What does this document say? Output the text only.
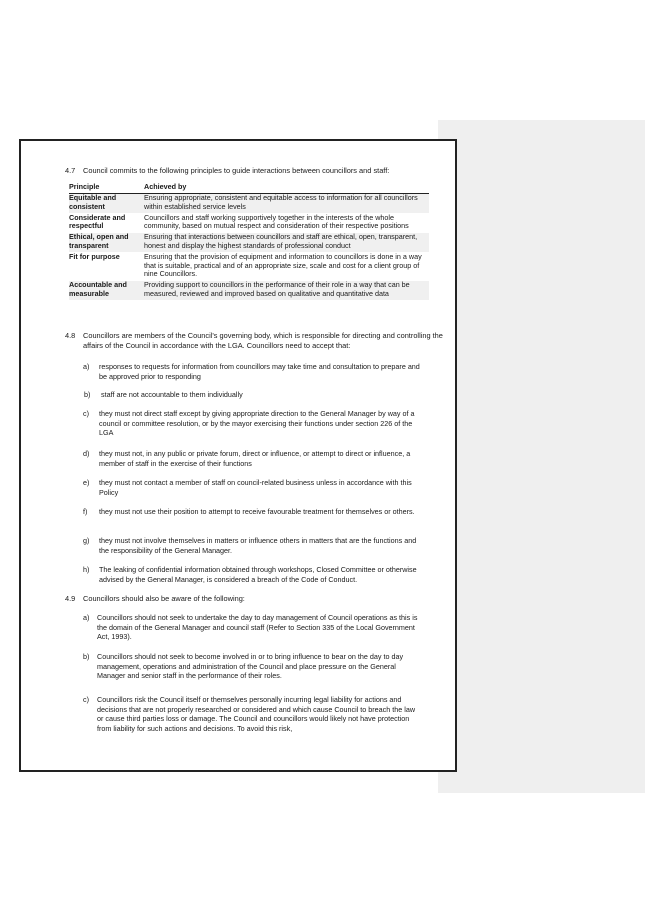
4.7 Council commits to the following principles to guide interactions between councillors and staff:
Principle	Achieved by
Equitable and consistent	Ensuring appropriate, consistent and equitable access to information for all councillors within established service levels
Considerate and respectful	Councillors and staff working supportively together in the interests of the whole community, based on mutual respect and consideration of their respective positions
Ethical, open and transparent	Ensuring that interactions between councillors and staff are ethical, open, transparent, honest and display the highest standards of professional conduct
Fit for purpose	Ensuring that the provision of equipment and information to councillors is done in a way that is suitable, practical and of an appropriate size, scale and cost for a client group of nine Councillors.
Accountable and measurable	Providing support to councillors in the performance of their role in a way that can be measured, reviewed and improved based on qualitative and quantitative data
4.8 Councillors are members of the Council's governing body, which is responsible for directing and controlling the affairs of the Council in accordance with the LGA. Councillors need to accept that:
a) responses to requests for information from councillors may take time and consultation to prepare and be approved prior to responding
b) staff are not accountable to them individually
c) they must not direct staff except by giving appropriate direction to the General Manager by way of a council or committee resolution, or by the mayor exercising their functions under section 226 of the LGA
d) they must not, in any public or private forum, direct or influence, or attempt to direct or influence, a member of staff in the exercise of their functions
e) they must not contact a member of staff on council-related business unless in accordance with this Policy
f) they must not use their position to attempt to receive favourable treatment for themselves or others.
g) they must not involve themselves in matters or influence others in matters that are the functions and the responsibility of the General Manager.
h) The leaking of confidential information obtained through workshops, Closed Committee or otherwise advised by the General Manager, is considered a breach of the Code of Conduct.
4.9 Councillors should also be aware of the following:
a) Councillors should not seek to undertake the day to day management of Council operations as this is the domain of the General Manager and council staff (Refer to Section 335 of the Local Government Act, 1993).
b) Councillors should not seek to become involved in or to bring influence to bear on the day to day management, operations and administration of the Council and place pressure on the General Manager and senior staff in the performance of their roles.
c) Councillors risk the Council itself or themselves personally incurring legal liability for actions and decisions that are not properly researched or considered and which cause Council to breach the law or cause third parties loss or damage. The Council and councillors would likely not have protection from liability for such actions and decisions. To avoid this risk,
